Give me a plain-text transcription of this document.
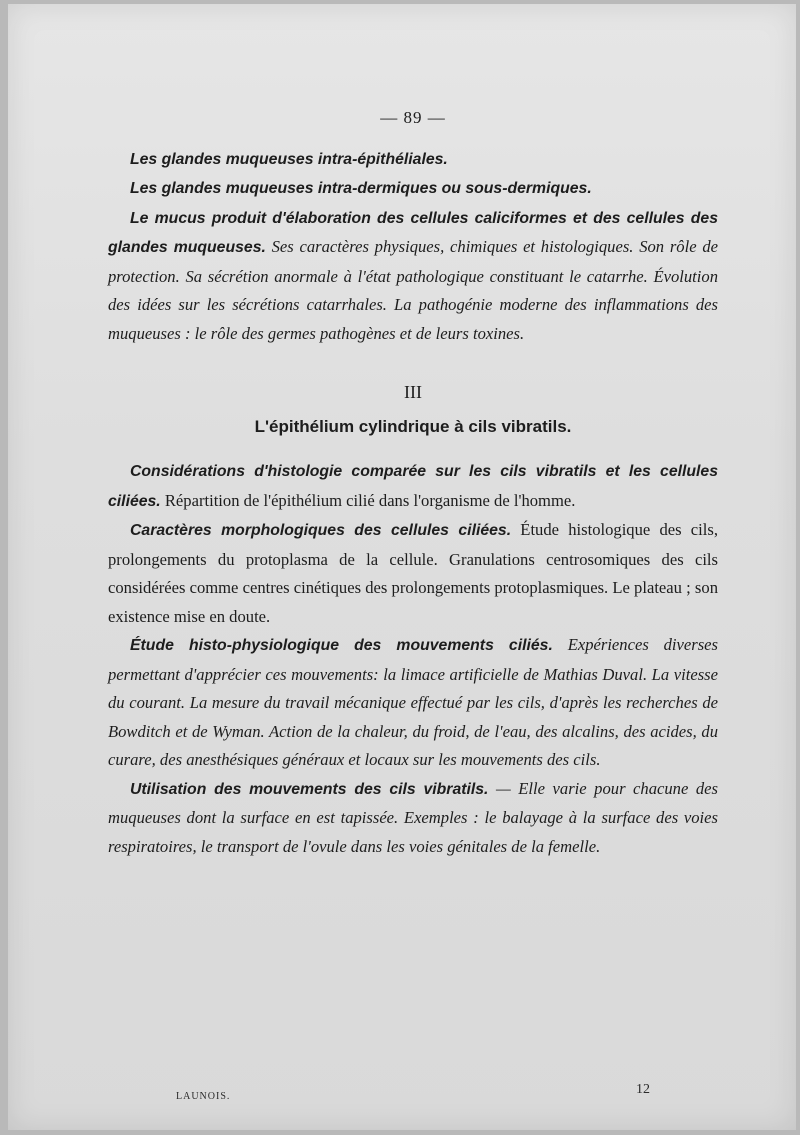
— 89 —

Les glandes muqueuses intra-épithéliales.

Les glandes muqueuses intra-dermiques ou sous-dermiques.

Le mucus produit d'élaboration des cellules caliciformes et des cellules des glandes muqueuses. Ses caractères physiques, chimiques et histologiques. Son rôle de protection. Sa sécrétion anormale à l'état pathologique constituant le catarrhe. Évolution des idées sur les sécrétions catarrhales. La pathogénie moderne des inflammations des muqueuses : le rôle des germes pathogènes et de leurs toxines.

III
L'épithélium cylindrique à cils vibratils.

Considérations d'histologie comparée sur les cils vibratils et les cellules ciliées. Répartition de l'épithélium cilié dans l'organisme de l'homme.

Caractères morphologiques des cellules ciliées. Étude histologique des cils, prolongements du protoplasma de la cellule. Granulations centrosomiques des cils considérées comme centres cinétiques des prolongements protoplasmiques. Le plateau ; son existence mise en doute.

Étude histo-physiologique des mouvements ciliés. Expériences diverses permettant d'apprécier ces mouvements: la limace artificielle de Mathias Duval. La vitesse du courant. La mesure du travail mécanique effectué par les cils, d'après les recherches de Bowditch et de Wyman. Action de la chaleur, du froid, de l'eau, des alcalins, des acides, du curare, des anesthésiques généraux et locaux sur les mouvements des cils.

Utilisation des mouvements des cils vibratils. — Elle varie pour chacune des muqueuses dont la surface en est tapissée. Exemples : le balayage à la surface des voies respiratoires, le transport de l'ovule dans les voies génitales de la femelle.

LAUNOIS.	12
